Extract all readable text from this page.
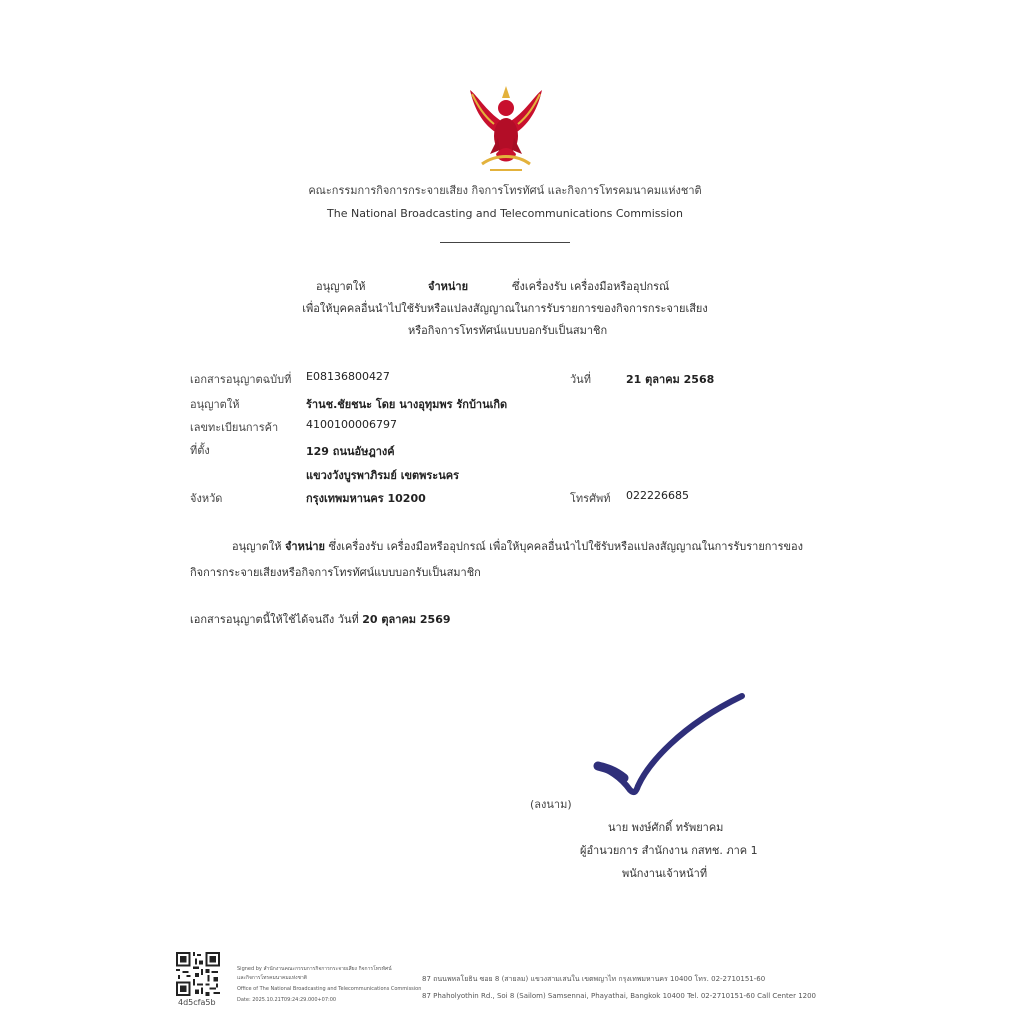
คณะกรรมการกิจการกระจายเสียง กิจการโทรทัศน์ และกิจการโทรคมนาคมแห่งชาติ
The National Broadcasting and Telecommunications Commission
อนุญาตให้	จำหน่าย	ซึ่งเครื่องรับ เครื่องมือหรืออุปกรณ์
เพื่อให้บุคคลอื่นนำไปใช้รับหรือแปลงสัญญาณในการรับรายการของกิจการกระจายเสียง
หรือกิจการโทรทัศน์แบบบอกรับเป็นสมาชิก
เอกสารอนุญาตฉบับที่ E08136800427	วันที่	21 ตุลาคม 2568
อนุญาตให้	ร้านช.ชัยชนะ โดย นางอุทุมพร รักบ้านเกิด
เลขทะเบียนการค้า	4100100006797
ที่ตั้ง	129 ถนนอัษฎางค์
แขวงวังบูรพาภิรมย์ เขตพระนคร
จังหวัด	กรุงเทพมหานคร 10200	โทรศัพท์ 022226685
อนุญาตให้ จำหน่าย ซึ่งเครื่องรับ เครื่องมือหรืออุปกรณ์ เพื่อให้บุคคลอื่นนำไปใช้รับหรือแปลงสัญญาณในการรับรายการของกิจการกระจายเสียงหรือกิจการโทรทัศน์แบบบอกรับเป็นสมาชิก
เอกสารอนุญาตนี้ให้ใช้ได้จนถึง วันที่ 20 ตุลาคม 2569
(ลงนาม)
นาย พงษ์ศักดิ์ ทรัพยาคม
ผู้อำนวยการ สำนักงาน กสทช. ภาค 1
พนักงานเจ้าหน้าที่
4d5cfa5b
Signed by สำนักงานคณะกรรมการกิจการกระจายเสียง กิจการโทรทัศน์
และกิจการโทรคมนาคมแห่งชาติ
Office of The National Broadcasting and Telecommunications Commission
Date: 2025.10.21T09:24:29.000+07:00
87 ถนนพหลโยธิน ซอย 8 (สายลม) แขวงสามเสนใน เขตพญาไท กรุงเทพมหานคร 10400 โทร. 02-2710151-60
87 Phaholyothin Rd., Soi 8 (Sailom) Samsennai, Phayathai, Bangkok 10400 Tel. 02-2710151-60 Call Center 1200
